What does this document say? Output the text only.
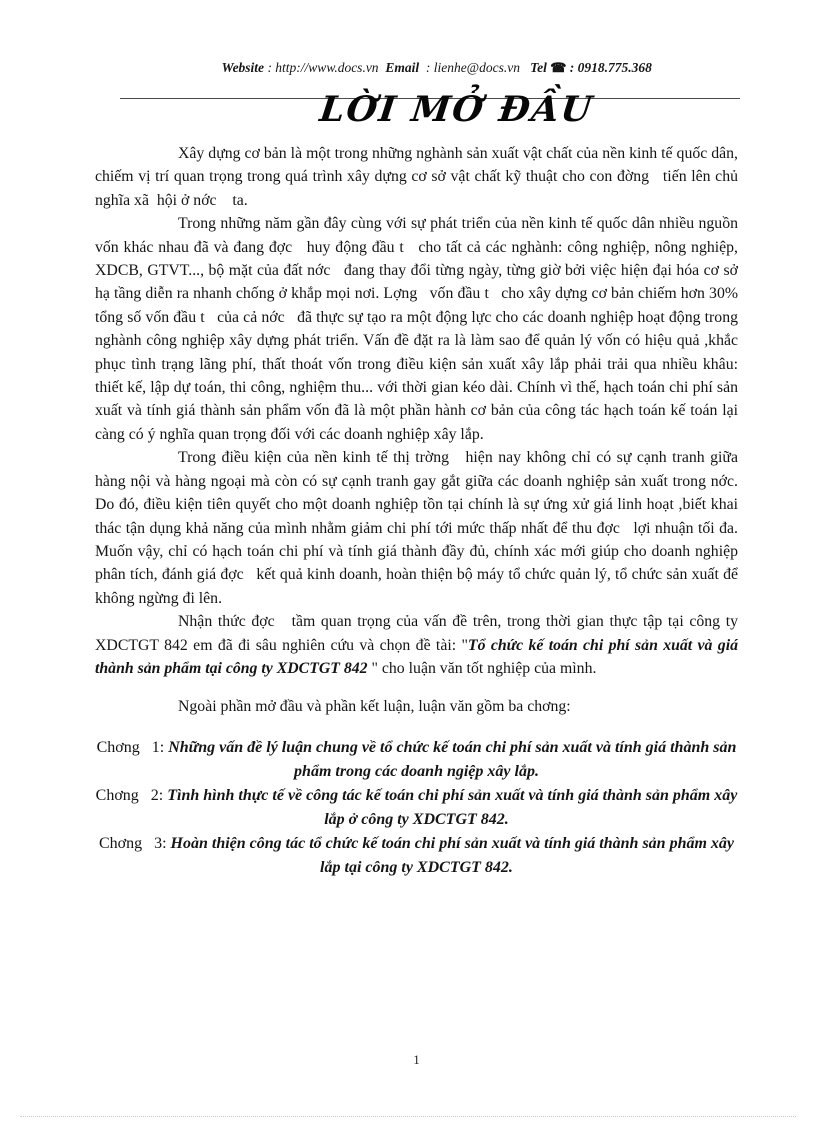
Website : http://www.docs.vn  Email  : lienhe@docs.vn   Tel ☎ : 0918.775.368

LỜI MỞ ĐẦU

Xây dựng cơ bản là một trong những nghành sản xuất vật chất của nền kinh tế quốc dân, chiếm vị trí quan trọng trong quá trình xây dựng cơ sở vật chất kỹ thuật cho con đờng   tiến lên chủ nghĩa xã  hội ở nớc    ta.

Trong những năm gần đây cùng với sự phát triển của nền kinh tế quốc dân nhiều nguồn vốn khác nhau đã và đang đợc   huy động đầu t   cho tất cả các nghành: công nghiệp, nông nghiệp, XDCB, GTVT..., bộ mặt của đất nớc   đang thay đổi từng ngày, từng giờ bởi việc hiện đại hóa cơ sở hạ tầng diễn ra nhanh chống ở khắp mọi nơi. Lợng   vốn đầu t   cho xây dựng cơ bản chiếm hơn 30% tổng số vốn đầu t   của cả nớc   đã thực sự tạo ra một động lực cho các doanh nghiệp hoạt động trong nghành công nghiệp xây dựng phát triển. Vấn đề đặt ra là làm sao để quản lý vốn có hiệu quả ,khắc phục tình trạng lãng phí, thất thoát vốn trong điều kiện sản xuất xây lắp phải trải qua nhiều khâu: thiết kế, lập dự toán, thi công, nghiệm thu... với thời gian kéo dài. Chính vì thế, hạch toán chi phí sản xuất và tính giá thành sản phẩm vốn đã là một phần hành cơ bản của công tác hạch toán kế toán lại càng có ý nghĩa quan trọng đối với các doanh nghiệp xây lắp.

Trong điều kiện của nền kinh tế thị trờng   hiện nay không chỉ có sự cạnh tranh giữa hàng nội và hàng ngoại mà còn có sự cạnh tranh gay gắt giữa các doanh nghiệp sản xuất trong nớc.   Do đó, điều kiện tiên quyết cho một doanh nghiệp tồn tại chính là sự ứng xử giá linh hoạt ,biết khai thác tận dụng khả năng của mình nhằm giảm chi phí tới mức thấp nhất để thu đợc   lợi nhuận tối đa. Muốn vậy, chỉ có hạch toán chi phí và tính giá thành đầy đủ, chính xác mới giúp cho doanh nghiệp phân tích, đánh giá đợc   kết quả kinh doanh, hoàn thiện bộ máy tổ chức quản lý, tổ chức sản xuất để không ngừng đi lên.

Nhận thức đợc   tầm quan trọng của vấn đề trên, trong thời gian thực tập tại công ty XDCTGT 842 em đã đi sâu nghiên cứu và chọn đề tài: "Tổ chức kế toán chi phí sản xuất và giá thành sản phẩm tại công ty XDCTGT 842 " cho luận văn tốt nghiệp của mình.

Ngoài phần mở đầu và phần kết luận, luận văn gồm ba chơng:

Chơng   1: Những vấn đề lý luận chung về tổ chức kế toán chi phí sản xuất và tính giá thành sản phẩm trong các doanh ngiệp xây lắp.

Chơng   2: Tình hình thực tế về công tác kế toán chi phí sản xuất và tính giá thành sản phẩm xây lắp ở công ty XDCTGT 842.

Chơng   3: Hoàn thiện công tác tổ chức kế toán chi phí sản xuất và tính giá thành sản phẩm xây lắp tại công ty XDCTGT 842.

1
